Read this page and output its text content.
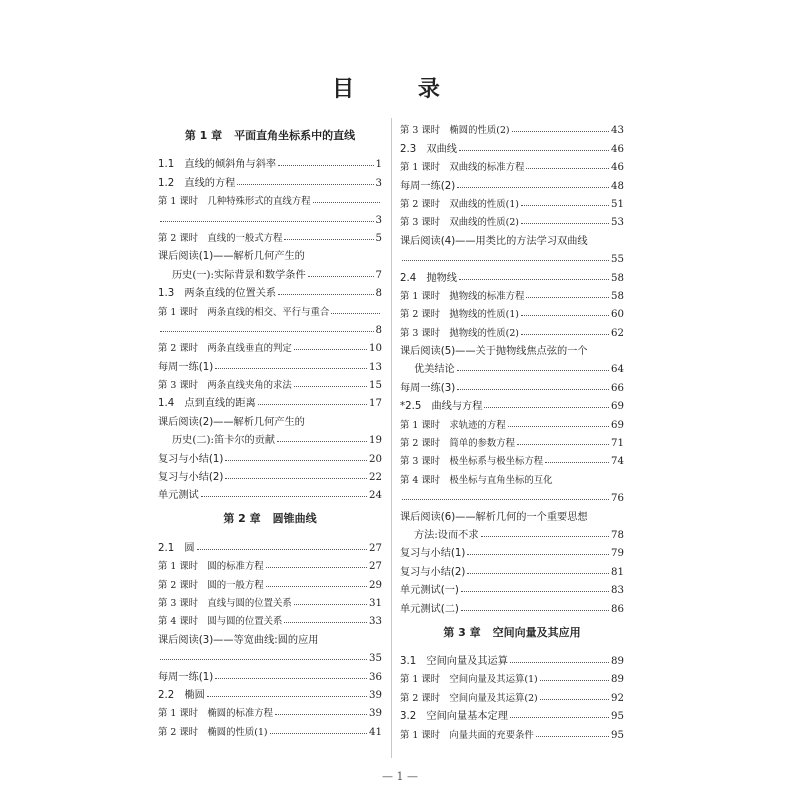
目 录
第 1 章 平面直角坐标系中的直线
1.1　直线的倾斜角与斜率	1
1.2　直线的方程	3
第 1 课时　几种特殊形式的直线方程
3
第 2 课时　直线的一般式方程	5
课后阅读(1)——解析几何产生的
历史(一):实际背景和数学条件	7
1.3　两条直线的位置关系	8
第 1 课时　两条直线的相交、平行与重合
8
第 2 课时　两条直线垂直的判定	10
每周一练(1)	13
第 3 课时　两条直线夹角的求法	15
1.4　点到直线的距离	17
课后阅读(2)——解析几何产生的
历史(二):笛卡尔的贡献	19
复习与小结(1)	20
复习与小结(2)	22
单元测试	24
第 2 章 圆锥曲线
2.1　圆	27
第 1 课时　圆的标准方程	27
第 2 课时　圆的一般方程	29
第 3 课时　直线与圆的位置关系	31
第 4 课时　圆与圆的位置关系	33
课后阅读(3)——等宽曲线:圆的应用
35
每周一练(1)	36
2.2　椭圆	39
第 1 课时　椭圆的标准方程	39
第 2 课时　椭圆的性质(1)	41
第 3 课时　椭圆的性质(2)	43
2.3　双曲线	46
第 1 课时　双曲线的标准方程	46
每周一练(2)	48
第 2 课时　双曲线的性质(1)	51
第 3 课时　双曲线的性质(2)	53
课后阅读(4)——用类比的方法学习双曲线
55
2.4　抛物线	58
第 1 课时　抛物线的标准方程	58
第 2 课时　抛物线的性质(1)	60
第 3 课时　抛物线的性质(2)	62
课后阅读(5)——关于抛物线焦点弦的一个
优美结论	64
每周一练(3)	66
*2.5　曲线与方程	69
第 1 课时　求轨迹的方程	69
第 2 课时　简单的参数方程	71
第 3 课时　极坐标系与极坐标方程	74
第 4 课时　极坐标与直角坐标的互化
76
课后阅读(6)——解析几何的一个重要思想
方法:设而不求	78
复习与小结(1)	79
复习与小结(2)	81
单元测试(一)	83
单元测试(二)	86
第 3 章 空间向量及其应用
3.1　空间向量及其运算	89
第 1 课时　空间向量及其运算(1)	89
第 2 课时　空间向量及其运算(2)	92
3.2　空间向量基本定理	95
第 1 课时　向量共面的充要条件	95
— 1 —
